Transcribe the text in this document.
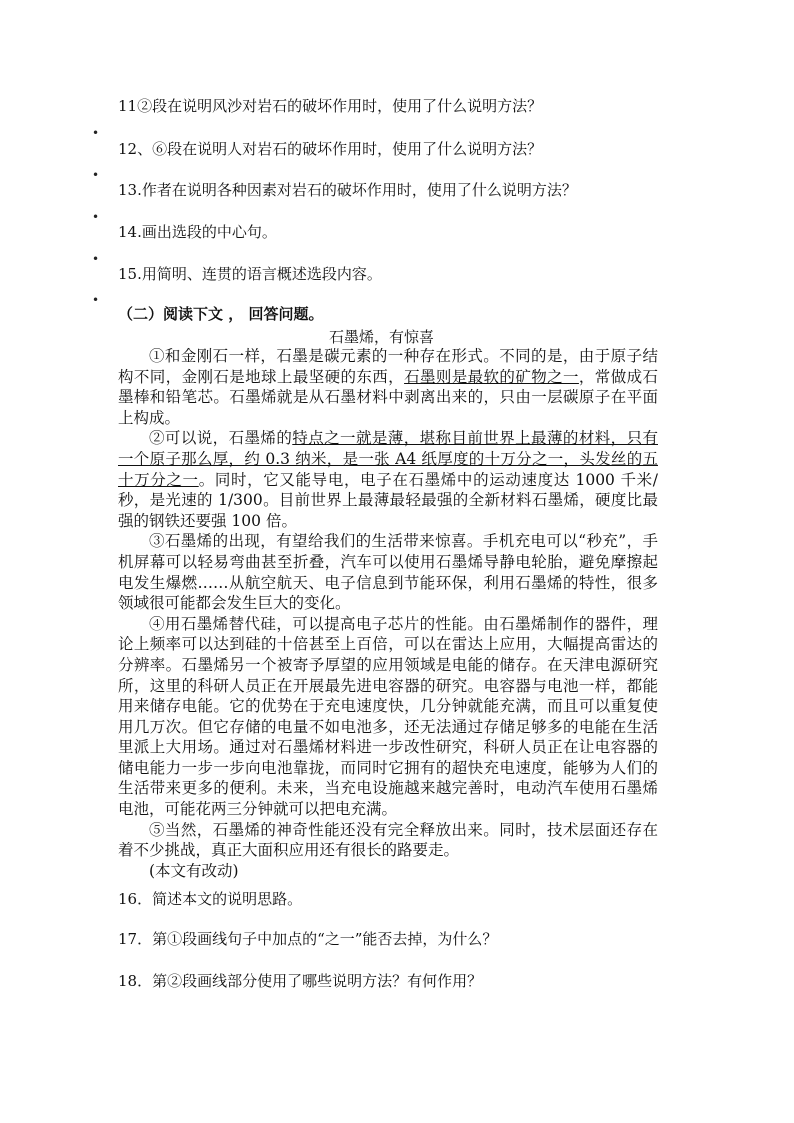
11②段在说明风沙对岩石的破坏作用时，使用了什么说明方法？
•
12、⑥段在说明人对岩石的破坏作用时，使用了什么说明方法？
•
13.作者在说明各种因素对岩石的破坏作用时，使用了什么说明方法？
•
14.画出选段的中心句。
•
15.用简明、连贯的语言概述选段内容。
•
（二）阅读下文 ， 回答问题。
石墨烯，有惊喜

①和金刚石一样，石墨是碳元素的一种存在形式。不同的是，由于原子结构不同，金刚石是地球上最坚硬的东西，石墨则是最软的矿物之一，常做成石墨棒和铅笔芯。石墨烯就是从石墨材料中剥离出来的，只由一层碳原子在平面上构成。

②可以说，石墨烯的特点之一就是薄，堪称目前世界上最薄的材料，只有一个原子那么厚，约 0.3 纳米，是一张 A4 纸厚度的十万分之一，头发丝的五十万分之一。同时，它又能导电，电子在石墨烯中的运动速度达 1000 千米/秒，是光速的 1/300。目前世界上最薄最轻最强的全新材料石墨烯，硬度比最强的钢铁还要强 100 倍。

③石墨烯的出现，有望给我们的生活带来惊喜。手机充电可以“秒充”，手机屏幕可以轻易弯曲甚至折叠，汽车可以使用石墨烯导静电轮胎，避免摩擦起电发生爆燃……从航空航天、电子信息到节能环保，利用石墨烯的特性，很多领域很可能都会发生巨大的变化。

④用石墨烯替代硅，可以提高电子芯片的性能。由石墨烯制作的器件，理论上频率可以达到硅的十倍甚至上百倍，可以在雷达上应用，大幅提高雷达的分辨率。石墨烯另一个被寄予厚望的应用领域是电能的储存。在天津电源研究所，这里的科研人员正在开展最先进电容器的研究。电容器与电池一样，都能用来储存电能。它的优势在于充电速度快，几分钟就能充满，而且可以重复使用几万次。但它存储的电量不如电池多，还无法通过存储足够多的电能在生活里派上大用场。通过对石墨烯材料进一步改性研究，科研人员正在让电容器的储电能力一步一步向电池靠拢，而同时它拥有的超快充电速度，能够为人们的生活带来更多的便利。未来，当充电设施越来越完善时，电动汽车使用石墨烯电池，可能花两三分钟就可以把电充满。

⑤当然，石墨烯的神奇性能还没有完全释放出来。同时，技术层面还存在着不少挑战，真正大面积应用还有很长的路要走。

(本文有改动)

16．简述本文的说明思路。
17．第①段画线句子中加点的“之一”能否去掉，为什么？
18．第②段画线部分使用了哪些说明方法？有何作用？
